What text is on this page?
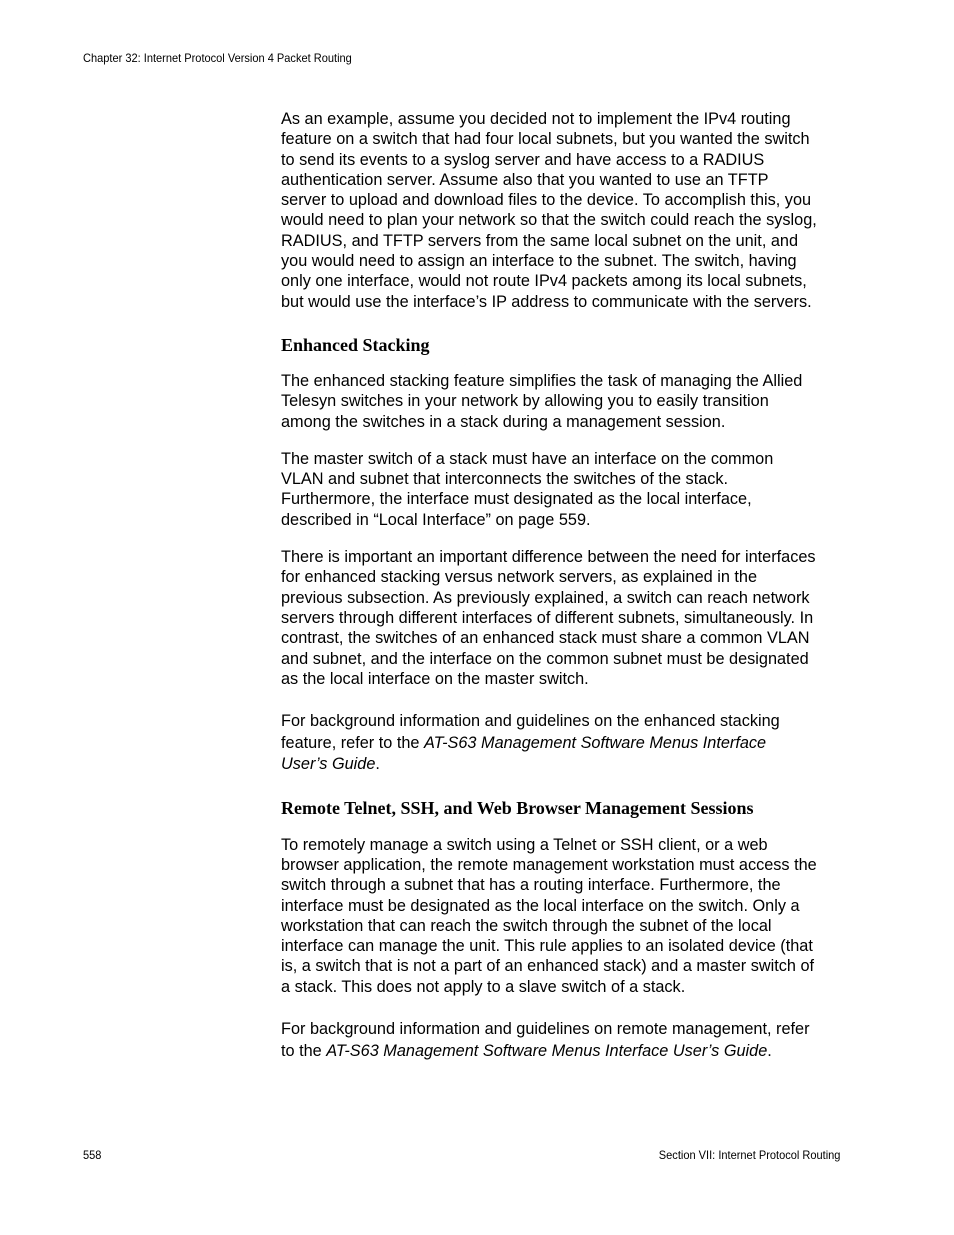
Chapter 32: Internet Protocol Version 4 Packet Routing

As an example, assume you decided not to implement the IPv4 routing
feature on a switch that had four local subnets, but you wanted the switch
to send its events to a syslog server and have access to a RADIUS
authentication server. Assume also that you wanted to use an TFTP
server to upload and download files to the device. To accomplish this, you
would need to plan your network so that the switch could reach the syslog,
RADIUS, and TFTP servers from the same local subnet on the unit, and
you would need to assign an interface to the subnet. The switch, having
only one interface, would not route IPv4 packets among its local subnets,
but would use the interface’s IP address to communicate with the servers.

Enhanced Stacking

The enhanced stacking feature simplifies the task of managing the Allied
Telesyn switches in your network by allowing you to easily transition
among the switches in a stack during a management session.

The master switch of a stack must have an interface on the common
VLAN and subnet that interconnects the switches of the stack.
Furthermore, the interface must designated as the local interface,
described in “Local Interface” on page 559.

There is important an important difference between the need for interfaces
for enhanced stacking versus network servers, as explained in the
previous subsection. As previously explained, a switch can reach network
servers through different interfaces of different subnets, simultaneously. In
contrast, the switches of an enhanced stack must share a common VLAN
and subnet, and the interface on the common subnet must be designated
as the local interface on the master switch.

For background information and guidelines on the enhanced stacking
feature, refer to the AT-S63 Management Software Menus Interface
User’s Guide.

Remote Telnet, SSH, and Web Browser Management Sessions

To remotely manage a switch using a Telnet or SSH client, or a web
browser application, the remote management workstation must access the
switch through a subnet that has a routing interface. Furthermore, the
interface must be designated as the local interface on the switch. Only a
workstation that can reach the switch through the subnet of the local
interface can manage the unit. This rule applies to an isolated device (that
is, a switch that is not a part of an enhanced stack) and a master switch of
a stack. This does not apply to a slave switch of a stack.

For background information and guidelines on remote management, refer
to the AT-S63 Management Software Menus Interface User’s Guide.

558	Section VII: Internet Protocol Routing
